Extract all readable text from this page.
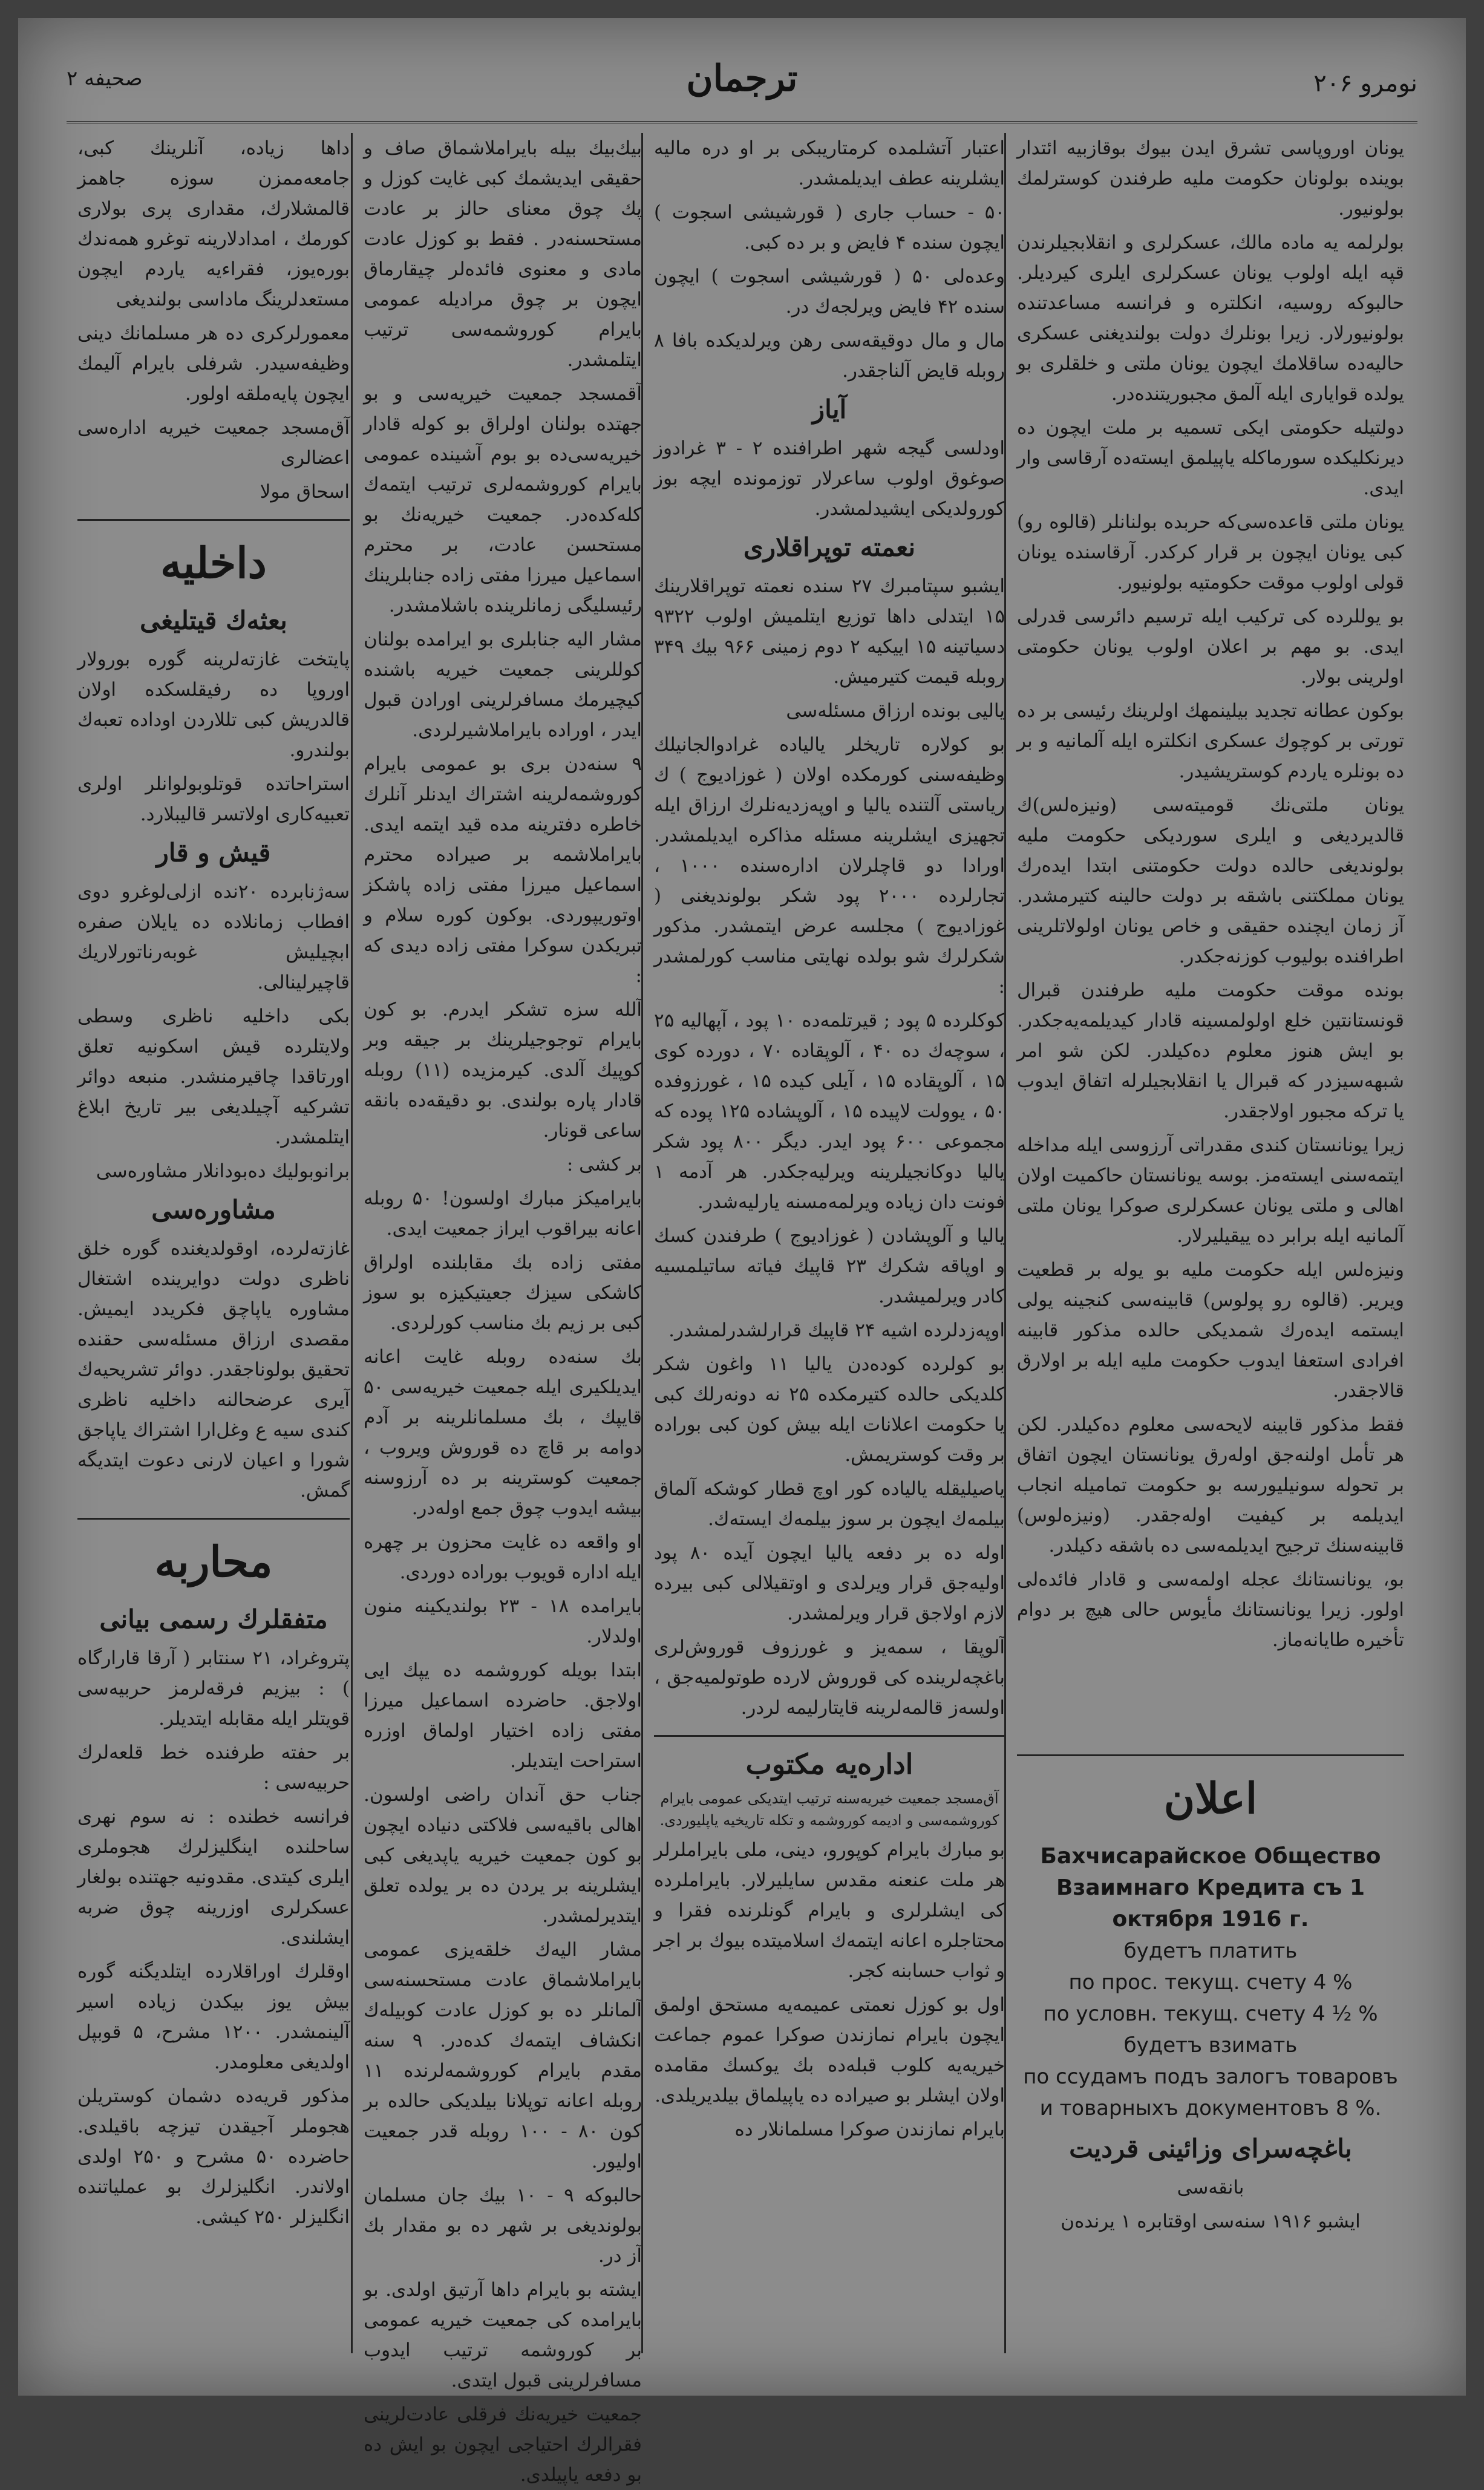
صحیفه ۲	ترجمان	نومرو ۲۰۶

داها زیاده، آنلرینك كبی، جامعه‌ممزن سوزه جاهمز قالمشلارك، مقداری پری بولاری كورمك ، امدادلارینه توغرو همه‌ندك بوره‌یوز، فقراءیه یاردم ایچون مستعدلرینگ ماداسی بولندیغی

معمورلرکری ده هر مسلمانك دینی وظیفه‌سیدر. شرفلی بایرام آلیمك ایچون پایه‌ملقه اولور.

آق‌مسجد جمعیت خیریه اداره‌سی اعضالری

اسحاق مولا

داخلیه
بعثه‌ك قیتلیغی

پایتخت غازته‌لرینه گوره بورولار اوروپا ده رفیقلسكده اولان قالدریش كبی تللاردن اوداده تعبه‌ك بولندرو.

استراحاتده قوتلوبولوانلر اولری تعبیه‌كاری اولاتسر قالیبلارد.

قیش و قار

سه‌ژنابرده ۲۰نده ازلی‌لوغرو دوی افطاب زمانلاده ده یایلان صفره ابچیلیش غوبه‌رناتورلاریك قاچیرلینالی.

بكی داخلیه ناظری وسطی ولایتلرده قیش اسكونیه تعلق اورتاقدا چاقیرمنشدر. منبعه‌ دوائر تشرکیه آچیلدیغی بیر تاریخ ابلاغ ایتلمشدر.

برانوبولیك ده‌بودانلار مشاوره‌سی

مشاوره‌سی

غازته‌لرده، اوقولدیغنده گوره خلق ناظری دولت دوایرینده اشتغال مشاوره یاپاچق فکریدد ایمیش. مقصدی ارزاق مسئله‌سی حقنده تحقیق بولوناجقدر. دوائر تشریحیه‌ك آیری عرضحالنه داخلیه ناظری کندی‌ سیه ع وغل‌ارا اشتراك یاپا‌جق شورا و اعیان لارنی دعوت ایتدیگه گمش.

محاربه
متفقلرك رسمی بیانی

پتروغراد، ۲۱ سنتابر ( آرقا قارارگاه ) : بیزیم فرقه‌لرمز حربیه‌سی قویتلر ایله مقابله ایتدیلر.

بر حفته طرفنده خط قلعه‌لرك حربیه‌سی :

فرانسه خطنده : نه سوم نهری ساحلنده اینگلیزلرك هجوملری ایلری کیتدی. مقدونیه جهتنده بولغار عسکرلری اوزرینه چوق ضربه ایشلندی.

اوقلرك اوراقلارده ایتلدیگنه گوره بیش یوز بیكدن زیاده اسیر آلینمشدر. ۱۲۰۰ مشرح، ۵ قوبپل اولدیغی معلومدر.

مذكور قریه‌ده دشمان كوستریلن هجوملر آجیقدن تیزچه باقیلدی. حاضرده ۵۰ مشرح و ۲۵۰ اولدی اولاندر. انگلیزلرك بو عملیاتنده انگلیزلر ۲۵۰ کیشی.

بیك‌بیك بیله بایراملاشماق صاف و حقیقی ایدیشمك کبی غایت کوزل و پك چوق معنای حالز بر عادت مستحسنه‌در . فقط بو کوزل عادت مادی و معنوی فائده‌لر چیقارماق ایچون بر چوق مرادیله عمومی بایرام کوروشمه‌سی ترتیب ایتلمشدر.

آقمسجد جمعیت خیریه‌سی و بو جهتده بولنان اولراق بو کوله قادار خیریه‌سی‌ده بو بوم آشینده عمومی بایرام کوروشمه‌لری ترتیب ایتمه‌ك كله‌كده‌در. جمعیت خیریه‌نك بو مستحسن عادت، بر محترم اسماعیل میرزا مفتی زاده جنابلرینك رئیسلیگی زمانلرینده باشلامشدر.

مشار الیه جنابلری بو ایرامده بولنان کوللرینی جمعیت خیریه باشنده کیچیرمك مسافرلرینی اورادن قبول ایدر ، اوراده بایراملاشیرلردی.

۹ سنه‌دن بری بو عمومی بایرام کوروشمه‌لرینه اشتراك ایدنلر آنلرك خاطره دفترینه مده قید ایتمه ایدی. بایراملاشمه بر صیراده محترم اسماعیل میرزا مفتی زاده پاشكز اوتوریپوردی. بوكون كوره سلام و تبریکدن سوکرا مفتی زاده دیدی كه :

آلله سزه تشکر ایدرم. بو کون بایرام توجوجیلرینك بر جیقه وبر کوپیك آلدی. کیرمزیده (۱۱) روبله قادار پاره بولندی. بو دقیقه‌ده بانقه ساعی قونار.

بر کشی :

بایرامیکز مبارك اولسون! ۵۰ روبله اعانه بیراقوب ایراز جمعیت ایدی.

مفتی زاده بك مقابلنده اولراق کاشکی سیزك جعیتیکیزه بو سوز کبی بر زیم بك مناسب کورلردی.

بك سنه‌ده روبله غایت اعانه ایدیلکیری ایله جمعیت خیریه‌سی ۵۰ قایپك ، بك مسلمانلرینه بر آدم دوامه بر قاچ ده قوروش ویروب ، جمعیت کوسترینه بر ده آرزوسنه بیشه ایدوب چوق جمع اوله‌در.

او واقعه ده غایت محزون بر چهره ایله اداره قویوب بوراده دوردی.

بایرامده ۱۸ - ۲۳ بولندیکینه منون اولدلار.

ابتدا بویله کوروشمه ده یپك ایی اولاجق. حاضرده اسماعیل میرزا مفتی زاده اختیار اولماق اوزره استراحت ایتدیلر.

جناب حق آندان راضی اولسون. اهالی باقیه‌سی فلاکتی دنیاده ایچون بو کون جمعیت خیریه یاپدیغی کبی ایشلرینه بر یردن ده بر یولده تعلق ایتدیرلمشدر.

مشار الیه‌ك خلقه‌یزی عمومی بایراملاشماق عادت مستحسنه‌سی آلمانلر ده بو کوزل عادت کوبیله‌ك انکشاف ایتمه‌ك کده‌در. ۹ سنه مقدم بایرام کوروشمه‌لرنده ۱۱ روبله اعانه توپلانا بیلدیکی حالده بر کون ۸۰ - ۱۰۰ روبله قدر جمعیت اولیور.

حالبوکه ۹ - ۱۰ بیك جان مسلمان بولوندیغی بر شهر ده بو مقدار بك آز در.

ایشته بو بایرام داها آرتیق اولدی. بو بایرامده کی جمعیت خیریه عمومی بر کوروشمه ترتیب ایدوب مسافرلرینی قبول ایتدی.

جمعیت خیریه‌نك فرقلی عادت‌لرینی فقرالرك احتیاجی ایچون بو ایش ده بو دفعه یاپیلدی.

اعتبار آتشلمده کرمتاریبکی بر او دره مالیه ایشلرینه عطف ایدیلمشدر.

۵۰ - حساب جاری ( قورشیشی اسجوت ) ایچون سنده ۴ فایض و بر ده کبی.

وعده‌لی ۵۰ ( قورشیشی اسجوت ) ایچون سنده ۴۲ فایض ویرلجه‌ك در.

مال و مال دوقیقه‌سی رهن ویرلدیكده بافا ۸ روبله قایض آلناجقدر.

آیاز

اودلسی گیجه شهر اطرافنده ۲ - ۳ غرادوز صوغوق اولوب ساعرلار توزمونده ایچه بوز کورولدیکی ایشیدلمشدر.

نعمته توپراقلاری

ایشبو سپتامبرك ۲۷ سنده نعمته توپراقلارینك ۱۵ ایتدلی داها توزیع ایتلمیش اولوب ۹۳۲۲ دسیاتینه ۱۵ اییكیه ۲ دوم زمینی ۹۶۶ بیك ۳۴۹ روبله قیمت کتیرمیش.

یالیی بونده ارزاق مسئله‌سی

بو كولاره تاریخلر یالیاده غرادوالجانیلك وظیفه‌سنی کورمکده اولان ( غوزادیوج ) ك ریاستی آلتنده یالیا و اوپه‌زدیه‌نلرك ارزاق ایله تجهیزی ایشلرینه مسئله‌ مذاکره ایدیلمشدر. اورادا دو قاچلرلان اداره‌سنده ۱۰۰۰ ، تجارلرده ۲۰۰۰ پود شكر بولوندیغنی ( غوزادیوج ) مجلسه عرض ایتمشدر. مذكور شكرلرك شو بولده نهایتی مناسب کورلمشدر :

کوکلرده ۵ پود ; قیرتلمه‌ده ۱۰ پود ، آپهالیه ۲۵ ، سوچه‌ك ده ۴۰ ، آلوپقاده ۷۰ ، دورده کوی ۱۵ ، آلوپقاده ۱۵ ، آیلی کیده ۱۵ ، غورزوفده ۵۰ ، یوولت لاپیده ۱۵ ، آلوپشاده ۱۲۵ پوده که مجموعی ۶۰۰ پود ایدر. دیگر ۸۰۰ پود شكر یالیا دوکانجیلرینه ویرلیه‌جکدر. هر آدمه ۱ فونت دان زیاده ویرلمه‌مسنه یارلیه‌شدر.

یالیا و آلوپشادن ( غوزادیوج ) طرفندن کسك و اوپاقه شکرك ۲۳ قاپیك فیاته ساتیلمسیه کادر ویرلمیشدر.

اوپه‌زدلرده اشیه ۲۴ قاپیك قرارلشدرلمشدر.

بو کولرده کوده‌دن یالیا ۱۱ واغون شکر کلدیکی حالده کتیرمکده ۲۵ نه دونه‌رلك کبی یا حکومت اعلانات ایله بیش کون کبی بوراده بر وقت کوستریمش.

یاصیلیقله یالیاده کور اوچ قطار کوشکه آلماق بیلمه‌ك ایچون بر سوز بیلمه‌ك ایسته‌ك.

اوله‌ ده بر دفعه یالیا ایچون آیده ۸۰ پود اولیه‌جق قرار ویرلدی و اوتقیلالی کبی بیرده لازم اولاجق قرار ویرلمشدر.

آلوپقا ، سمه‌یز و غورزوف قوروش‌لری باغچه‌لرینده کی قوروش لارده طوتولمیه‌جق ، اولسه‌ز قالمه‌لرینه قایتارلیمه‌ لردر.

اداره‌یه مکتوب

آق‌مسجد جمعیت خیریه‌سنه ترتیب ایتدیکی عمومی بایرام کوروشمه‌سی و ادیمه کوروشمه و تکله تاریخیه یاپلیوردی.

بو مبارك بایرام کوپورو، دینی، ملی بایراملرلر هر ملت عنعنه مقدس سایلیرلار. بایراملرده کی ایشلرلری و بایرام گونلرنده فقرا و محتاجلره اعانه ایتمه‌ك اسلامیتده بیوك بر اجر و ثواب حسابنه کجر.

اول بو کوزل نعمتی عمیمه‌یه مستحق اولمق ایچون بایرام نمازندن صوکرا عموم جماعت خیریه‌یه کلوب قبله‌ده بك یوکسك مقامده اولان ایشلر بو صیراده ده یاپیلماق بیلدیریلدی.

بایرام نمازندن صوکرا مسلمانلار ده

یونان اوروپاسی تشرق ایدن بیوك بوقازبیه ائتدار بوینده بولونان حکومت ملیه طرفندن کوسترلمك بولونیور.

بولرلمه یه ماده مالك، عسکرلری و انقلابجیلرندن قپه ایله اولوب یونان عسکرلری ایلری کیردیلر. حالبوکه روسیه، انکلتره و فرانسه مساعدتنده بولونیورلار. زیرا بونلرك دولت بولندیغنی عسکری حالیه‌ده ساقلامك ایچون یونان ملتی و خلقلری بو یولده قوایاری ایله آلمق مجبوریتنده‌در.

دولتیله حکومتی ایکی تسمیه بر ملت ایچون ده دیرنكلیكده سورماكله یاپیلمق ایسته‌ده آرقاسی وار ایدی.

یونان ملتی قاعده‌سی‌كه حربده بولنانلر (قالوه رو) کبی یونان ایچون بر قرار کرکدر. آرقاسنده یونان قولی اولوب موقت حکومتیه بولونیور.

بو یوللرده کی ترکیب ایله ترسیم دائرسی قدرلی ایدی. بو مهم بر اعلان اولوب یونان حکومتی اولرینی بولار.

بوکون عطانه تجدید بیلینمهك اولرینك رئیسی بر ده تورتی بر کوچوك عسکری انکلتره ایله آلمانیه و بر ده بونلره یاردم کوستریشیدر.

یونان ملتی‌نك قومیته‌سی (ونیزه‌لس)ك قالدیردیغی و ایلری سوردیکی حکومت ملیه بولوندیغی حالده دولت حکومتنی ابتدا ایده‌رك یونان مملکتنی باشقه بر دولت حالینه کتیرمشدر. آز زمان ایچنده حقیقی و خاص یونان اولولاتلرینی اطرافنده بولیوب کوزنه‌جکدر.

بونده موقت حکومت ملیه طرفندن قبرال قونستانتین خلع اولولمسینه قادار کیدیلمه‌یه‌جکدر. بو ایش هنوز معلوم ده‌کیلدر. لكن شو امر شبهه‌سیزدر كه قبرال یا انقلابجیلرله اتفاق ایدوب یا تركه مجبور اولاجقدر.

زیرا یونانستان کندی مقدراتی آرزوسی ایله مداخله ایتمه‌سنی ایسته‌مز. بوسه یونانستان حاکمیت اولان اهالی و ملتی یونان عسکرلری صوکرا یونان ملتی آلمانیه ایله برابر ده ییقیلیرلار.

ونیزه‌لس ایله حکومت ملیه‌ بو یوله بر قطعیت ویریر. (قالوه رو پولوس) قابینه‌سی کنجینه یولی ایستمه ایده‌رك شمدیکی حالده مذکور قابینه افرادی استعفا ایدوب حکومت ملیه ایله بر اولارق قالاجقدر.

فقط مذکور قابینه لایحه‌سی معلوم ده‌کیلدر. لكن هر تأمل اولنه‌جق اوله‌رق یونانستان ایچون اتفاق بر تحوله سونیلیورسه بو حکومت تمامیله انجاب ایدیلمه بر کیفیت اوله‌جقدر. (ونیزه‌لوس) قابینه‌سنك ترجیح ایدیلمه‌سی ده باشقه دکیلدر.

بو، یونانستانك عجله اولمه‌سی و قادار فائده‌لی اولور. زیرا یونانستانك مأیوس حالی هیچ بر دوام تأخیره طایانه‌ماز.

اعلان
Бахчисарайское Общество Взаимнаго Кредита съ 1 октября 1916 г.
будетъ платить
по прос. текущ. счету 4 %
по условн. текущ. счету 4 ½ %
будетъ взимать
по ссудамъ подъ залогъ товаровъ
и товарныхъ документовъ 8 %.
باغچه‌سرای وزائینی قردیت

بانقه‌سی

ایشبو ۱۹۱۶ سنه‌سی اوقتابره ۱ یرنده‌ن
